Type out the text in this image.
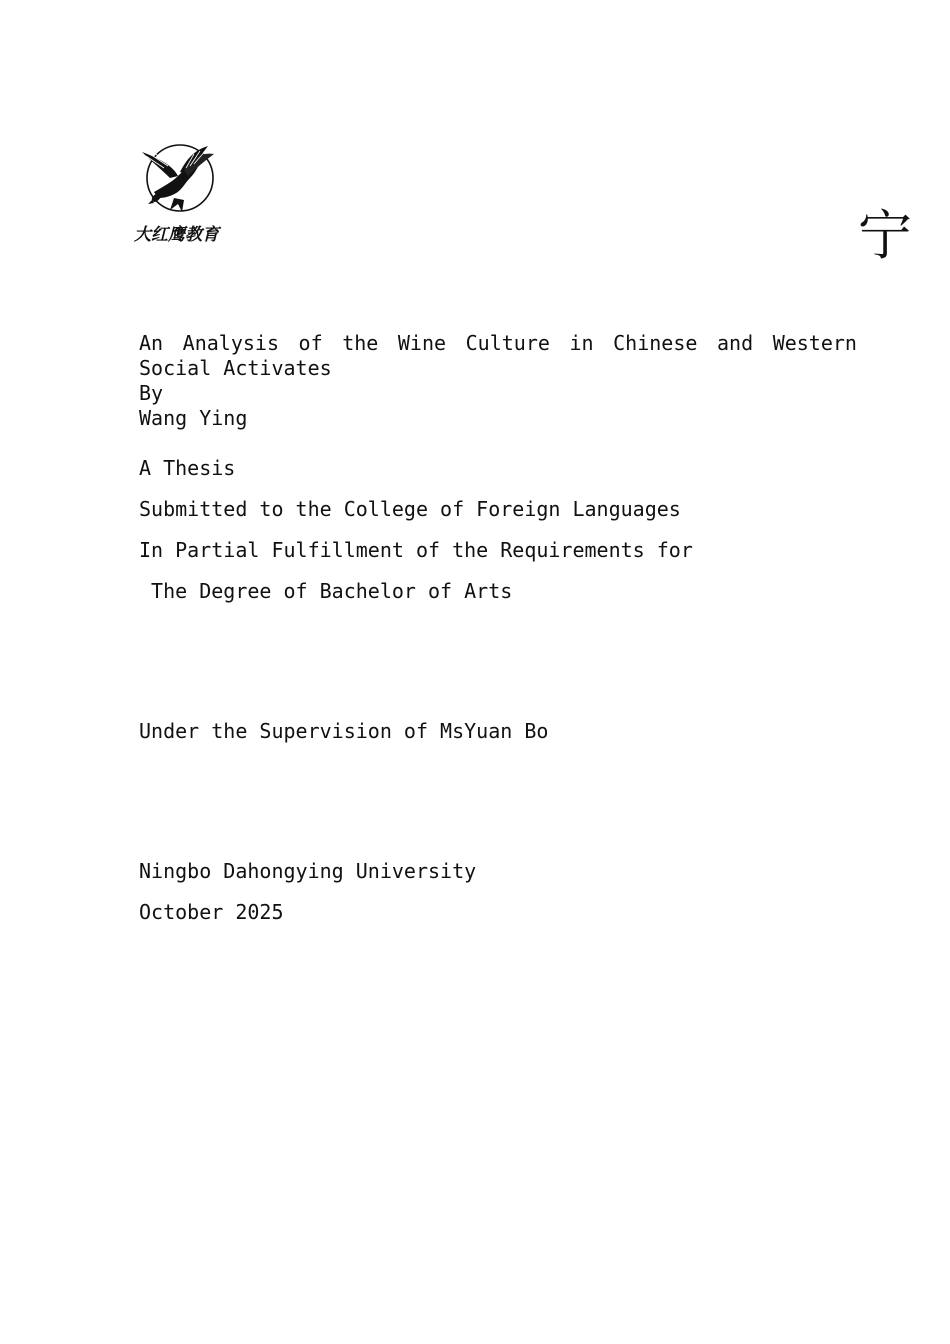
大红鹰教育	宁
An Analysis of the Wine Culture in Chinese and Western
Social Activates
By
Wang Ying
A Thesis
Submitted to the College of Foreign Languages
In Partial Fulfillment of the Requirements for
The Degree of Bachelor of Arts
Under the Supervision of MsYuan Bo
Ningbo Dahongying University
October 2025
